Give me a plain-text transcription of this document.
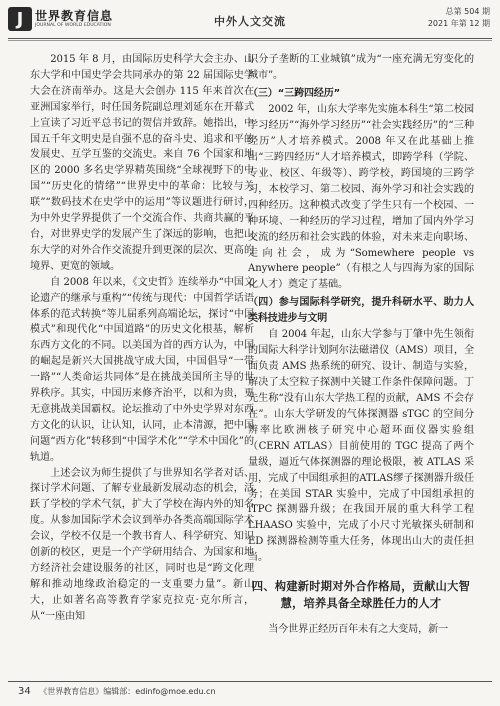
J 世界教育信息
JOURNAL OF WORLD EDUCATION	中外人文交流
总第 504 期
2021 年第 12 期

2015 年 8 月，由国际历史科学大会主办、山东大学和中国史学会共同承办的第 22 届国际史学大会在济南举办。这是大会创办 115 年来首次在亚洲国家举行，时任国务院副总理刘延东在开幕式上宣读了习近平总书记的贺信并致辞。她指出，中国五千年文明史是自强不息的奋斗史、追求和平的发展史、互学互鉴的交流史。来自 76 个国家和地区的 2000 多名史学界精英围绕“全球视野下的中国”“历史化的情绪”“世界史中的革命：比较与关联”“数码技术在史学中的运用”等议题进行研讨，为中外史学界提供了一个交流合作、共商共赢的平台，对世界史学的发展产生了深远的影响，也把山东大学的对外合作交流提升到更深的层次、更高的境界、更宽的领域。

自 2008 年以来，《文史哲》连续举办“中国文论遗产的继承与重构”“传统与现代：中国哲学话语体系的范式转换”等儿届系列高端论坛，探讨“中国模式”和现代化“中国道路”的历史文化根基，解析东西方文化的不同。以美国为首的西方认为，中国的崛起是新兴大国挑战守成大国，中国倡导“一带一路”“人类命运共同体”是在挑战美国所主导的世界秩序。其实，中国历来修齐治平，以和为贵，更无意挑战美国霸权。论坛推动了中外史学界对东西方文化的认识，让认知，认同，止本清源，把中国问题“西方化”转移到“中国学术化”“学术中国化”的轨道。

上述会议为师生提供了与世界知名学者对话、探讨学术问题、了解专业最新发展动态的机会，活跃了学校的学术气氛，扩大了学校在海内外的知名度。从参加国际学术会议到举办各类高端国际学术会议，学校不仅是一个教书育人、科学研究、知识创新的校区，更是一个产学研用结合、为国家和地方经济社会建设服务的社区，同时也是“跨文化理解和推动地缘政治稳定的一支重要力量”。新山大，止如著名高等教育学家克拉克·克尔所言，从“一座由知

识分子垄断的工业城镇”成为“一座充满无穷变化的城市”。

（三）“三跨四经历”

2002 年，山东大学率先实施本科生“第二校园学习经历”“海外学习经历”“社会实践经历”的“三种经历”人才培养模式。2008 年又在此基础上推出“三跨四经历”人才培养模式，即跨学科（学院、专业、校区、年级等）、跨学校，跨国境的三跨学习，本校学习、第二校园、海外学习和社会实践的四种经历。这种模式改变了学生只有一个校园、一种环境、一种经历的学习过程，增加了国内外学习交流的经历和社会实践的体验，对未来走向职场、走向社会，成为“Somewhere people vs Anywhere people”（有根之人与四海为家的国际化人才）奠定了基础。

（四）参与国际科学研究，提升科研水平、助力人类科技进步与文明

自 2004 年起，山东大学参与丁肇中先生领衔的国际大科学计划阿尔法磁谱仪（AMS）项目，全面负责 AMS 热系统的研究、设计、制造与实验，解决了太空粒子探测中关键工作条件保障问题。丁先生称“没有山东大学热工程的贡献，AMS 不会存在”。山东大学研发的气体探测器 sTGC 的空间分辨率比欧洲核子研究中心超环面仪器实验组（CERN ATLAS）目前使用的 TGC 提高了两个量级，逼近气体探测器的理论极限，被 ATLAS 采用，完成了中国组承担的ATLAS缪子探测器升级任务；在美国 STAR 实验中，完成了中国组承担的iTPC 探测器升级；在我国开展的重大科学工程 LHAASO 实验中，完成了小尺寸光敏探头研制和 ED 探测器检测等重大任务，体现出山大的责任担当。

四、构建新时期对外合作格局，贡献山大智慧，培养具备全球胜任力的人才

当今世界正经历百年未有之大变局，新一

34 《世界教育信息》编辑部：edinfo@moe.edu.cn
